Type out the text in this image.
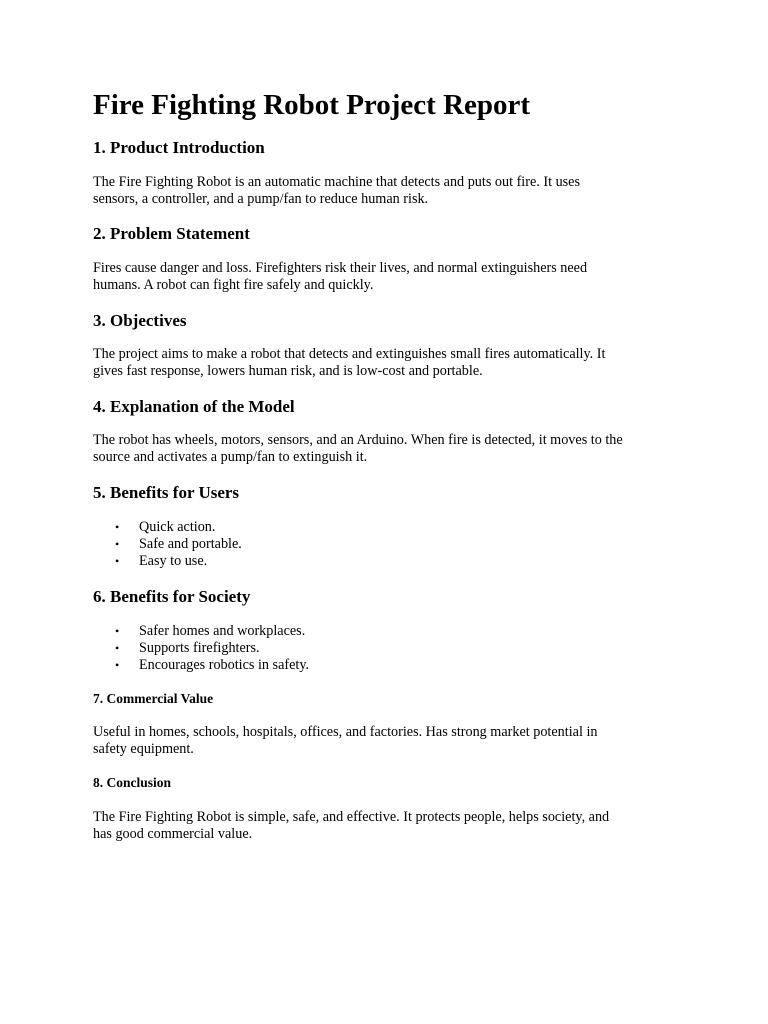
Fire Fighting Robot Project Report
1. Product Introduction

The Fire Fighting Robot is an automatic machine that detects and puts out fire. It uses
sensors, a controller, and a pump/fan to reduce human risk.

2. Problem Statement

Fires cause danger and loss. Firefighters risk their lives, and normal extinguishers need
humans. A robot can fight fire safely and quickly.

3. Objectives

The project aims to make a robot that detects and extinguishes small fires automatically. It
gives fast response, lowers human risk, and is low-cost and portable.

4. Explanation of the Model

The robot has wheels, motors, sensors, and an Arduino. When fire is detected, it moves to the
source and activates a pump/fan to extinguish it.

5. Benefits for Users
• Quick action.
• Safe and portable.
• Easy to use.
6. Benefits for Society
• Safer homes and workplaces.
• Supports firefighters.
• Encourages robotics in safety.
7. Commercial Value

Useful in homes, schools, hospitals, offices, and factories. Has strong market potential in
safety equipment.

8. Conclusion

The Fire Fighting Robot is simple, safe, and effective. It protects people, helps society, and
has good commercial value.
